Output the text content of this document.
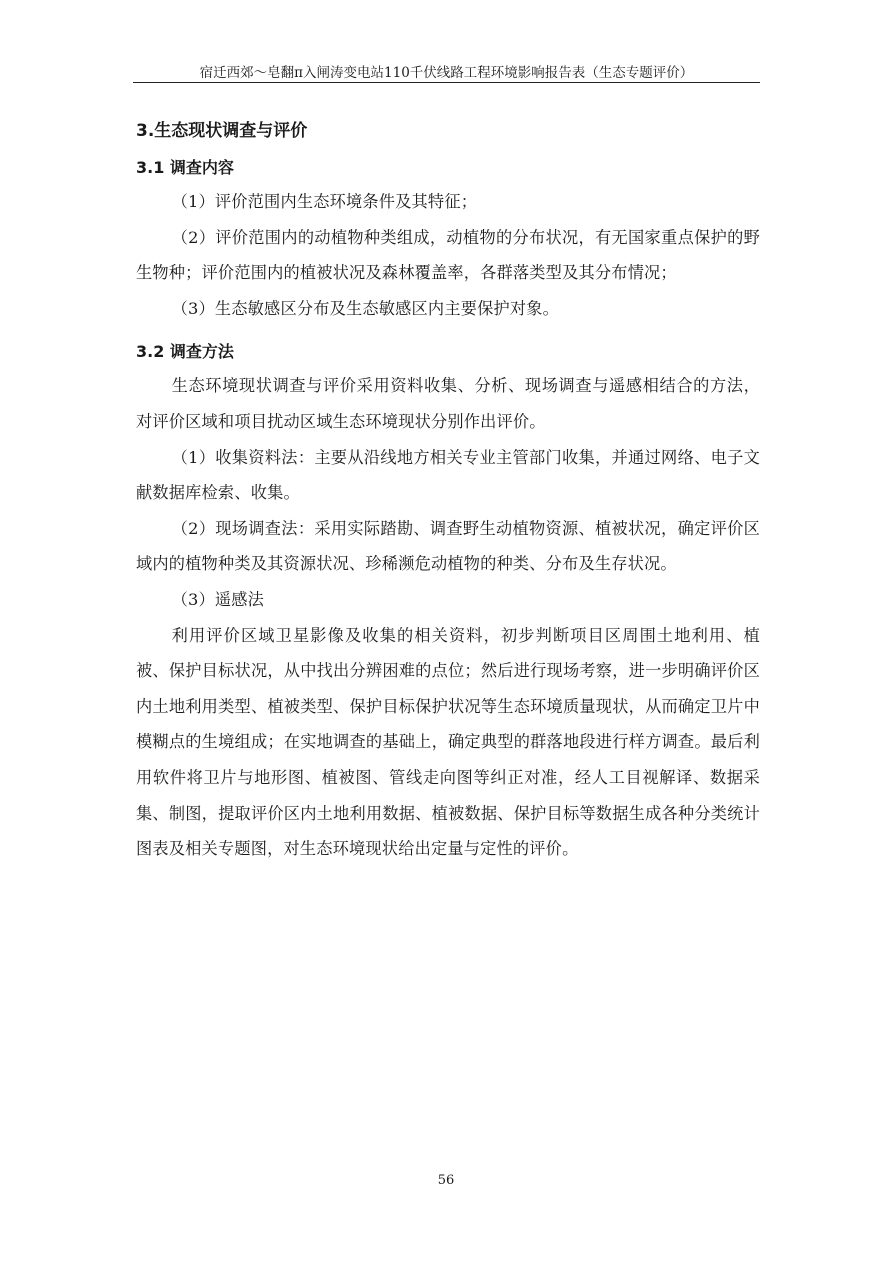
宿迁西郊～皂翻π入闸涛变电站110千伏线路工程环境影响报告表（生态专题评价）
3.生态现状调查与评价
3.1 调查内容

（1）评价范围内生态环境条件及其特征；

（2）评价范围内的动植物种类组成，动植物的分布状况，有无国家重点保护的野生物种；评价范围内的植被状况及森林覆盖率，各群落类型及其分布情况；

（3）生态敏感区分布及生态敏感区内主要保护对象。

3.2 调查方法

生态环境现状调查与评价采用资料收集、分析、现场调查与遥感相结合的方法，对评价区域和项目扰动区域生态环境现状分别作出评价。

（1）收集资料法：主要从沿线地方相关专业主管部门收集，并通过网络、电子文献数据库检索、收集。

（2）现场调查法：采用实际踏勘、调查野生动植物资源、植被状况，确定评价区域内的植物种类及其资源状况、珍稀濒危动植物的种类、分布及生存状况。

（3）遥感法

利用评价区域卫星影像及收集的相关资料，初步判断项目区周围土地利用、植被、保护目标状况，从中找出分辨困难的点位；然后进行现场考察，进一步明确评价区内土地利用类型、植被类型、保护目标保护状况等生态环境质量现状，从而确定卫片中模糊点的生境组成；在实地调查的基础上，确定典型的群落地段进行样方调查。最后利用软件将卫片与地形图、植被图、管线走向图等纠正对准，经人工目视解译、数据采集、制图，提取评价区内土地利用数据、植被数据、保护目标等数据生成各种分类统计图表及相关专题图，对生态环境现状给出定量与定性的评价。

56
